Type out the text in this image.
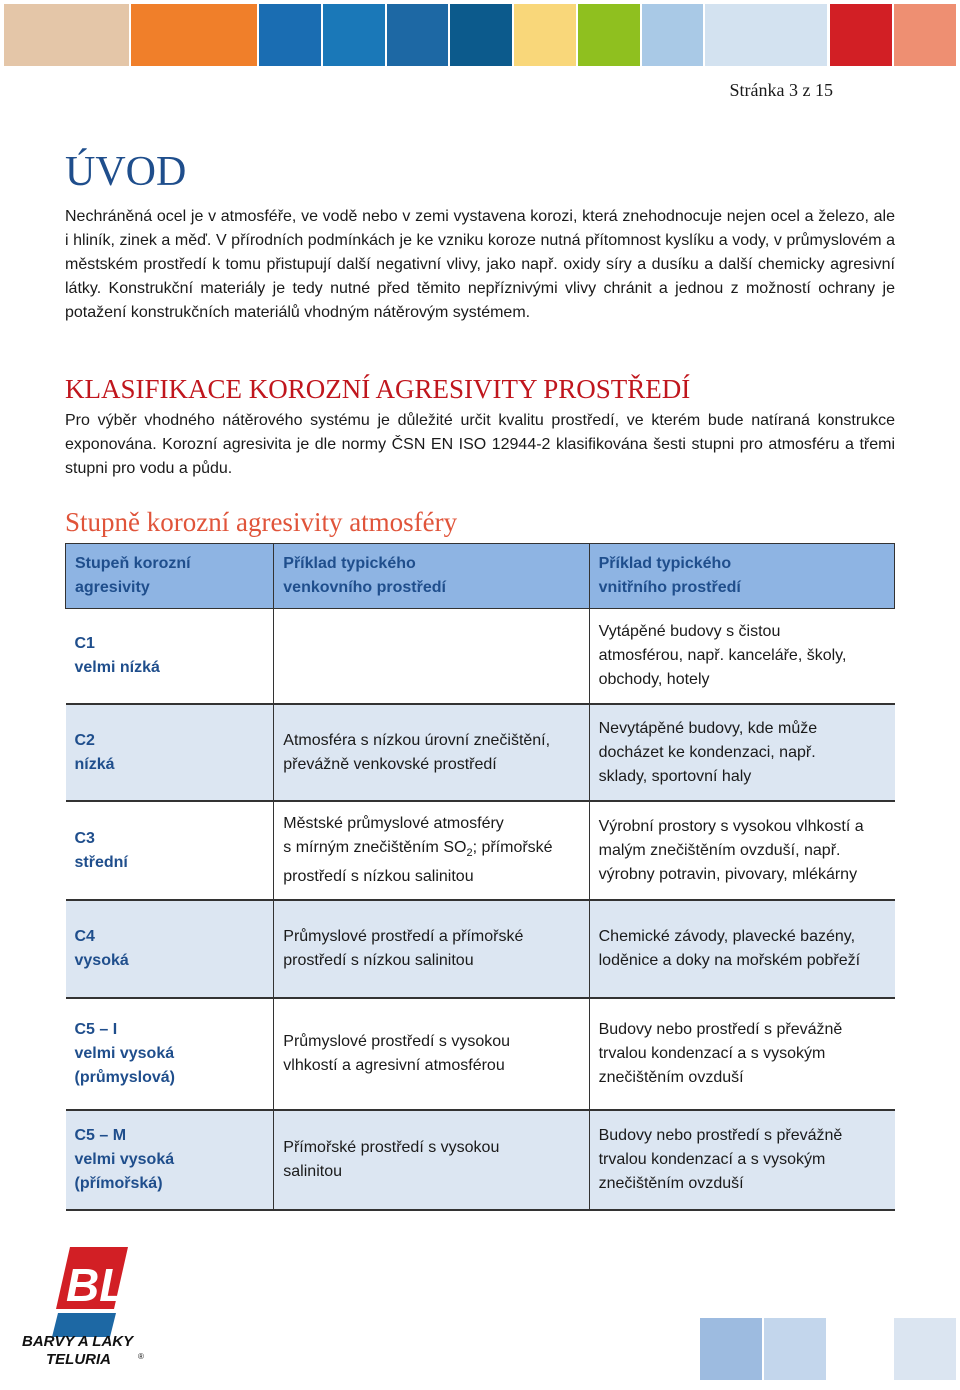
Stránka 3 z 15
ÚVOD

Nechráněná ocel je v atmosféře, ve vodě nebo v zemi vystavena korozi, která znehodnocuje nejen ocel a železo, ale i hliník, zinek a měď. V přírodních podmínkách je ke vzniku koroze nutná přítomnost kyslíku a vody, v průmyslovém a městském prostředí k tomu přistupují další negativní vlivy, jako např. oxidy síry a dusíku a další chemicky agresivní látky. Konstrukční materiály je tedy nutné před těmito nepříznivými vlivy chránit a jednou z možností ochrany je potažení konstrukčních materiálů vhodným nátěrovým systémem.

KLASIFIKACE KOROZNÍ AGRESIVITY PROSTŘEDÍ

Pro výběr vhodného nátěrového systému je důležité určit kvalitu prostředí, ve kterém bude natíraná konstrukce exponována. Korozní agresivita je dle normy ČSN EN ISO 12944-2 klasifikována šesti stupni pro atmosféru a třemi stupni pro vodu a půdu.

Stupně korozní agresivity atmosféry
Stupeň korozní
agresivity	Příklad typického
venkovního prostředí	Příklad typického
vnitřního prostředí

C1
velmi nízká		Vytápěné budovy s čistou
atmosférou, např. kanceláře, školy,
obchody, hotely

C2
nízká	Atmosféra s nízkou úrovní znečištění,
převážně venkovské prostředí	Nevytápěné budovy, kde může
docházet ke kondenzaci, např.
sklady, sportovní haly

C3
střední	Městské průmyslové atmosféry
s mírným znečištěním $SO_2$; přímořské
prostředí s nízkou salinitou	Výrobní prostory s vysokou vlhkostí a
malým znečištěním ovzduší, např.
výrobny potravin, pivovary, mlékárny

C4
vysoká	Průmyslové prostředí a přímořské
prostředí s nízkou salinitou	Chemické závody, plavecké bazény,
loděnice a doky na mořském pobřeží

C5 – I
velmi vysoká
(průmyslová)	Průmyslové prostředí s vysokou
vlhkostí a agresivní atmosférou	Budovy nebo prostředí s převážně
trvalou kondenzací a s vysokým
znečištěním ovzduší

C5 – M
velmi vysoká
(přímořská)	Přímořské prostředí s vysokou
salinitou	Budovy nebo prostředí s převážně
trvalou kondenzací a s vysokým
znečištěním ovzduší
BL
BARVY A LAKY
TELURIA	®
